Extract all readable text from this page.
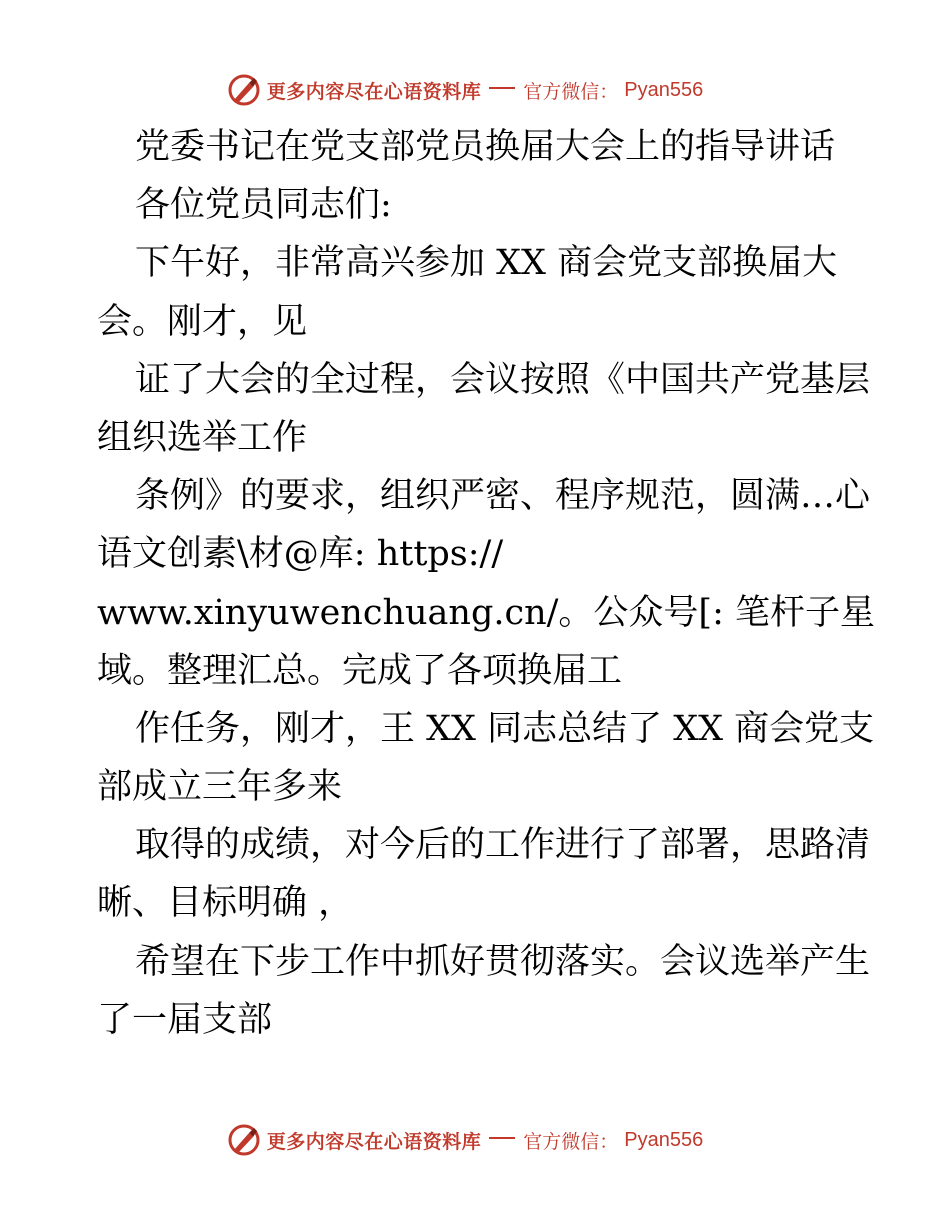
更多内容尽在心语资料库 官方微信： Pyan556
党委书记在党支部党员换届大会上的指导讲话
各位党员同志们:
下午好，非常高兴参加 XX 商会党支部换届大
会。刚才，见
证了大会的全过程，会议按照《中国共产党基层
组织选举工作
条例》的要求，组织严密、程序规范，圆满…心
语文创素\材@库: https://
www.xinyuwenchuang.cn/。公众号[: 笔杆子星
域。整理汇总。完成了各项换届工
作任务，刚才，王 XX 同志总结了 XX 商会党支
部成立三年多来
取得的成绩，对今后的工作进行了部署，思路清
晰、目标明确 ，
希望在下步工作中抓好贯彻落实。会议选举产生
了一届支部
更多内容尽在心语资料库 官方微信： Pyan556
